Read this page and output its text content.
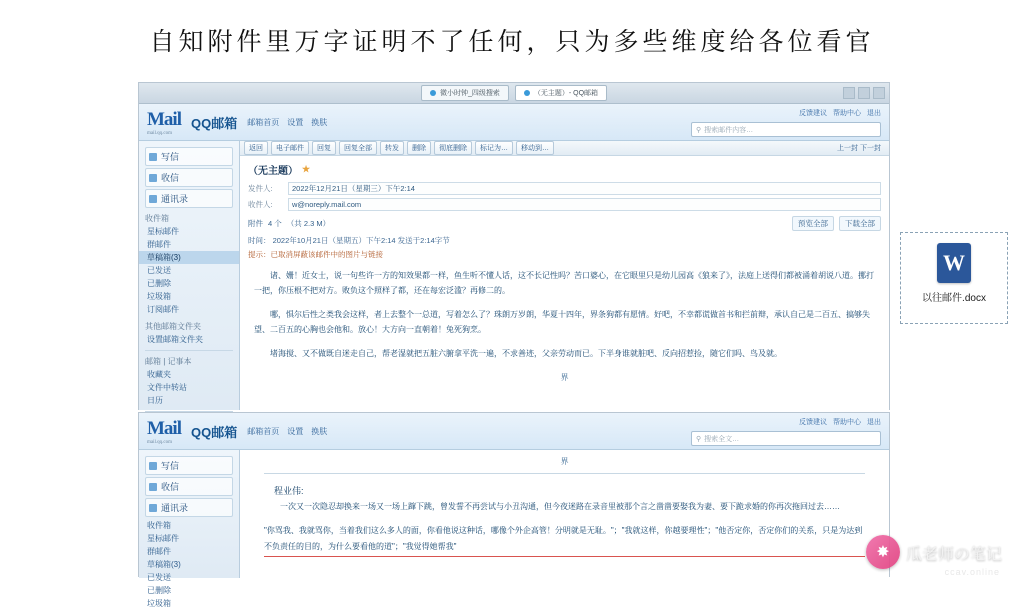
自知附件里万字证明不了任何，只为多些维度给各位看官
微小时钟_四级搜索	（无主题）- QQ邮箱
Mail
mail.qq.com
QQ邮箱 邮箱首页 设置 换肤
反馈建议 帮助中心 退出
⚲ 搜索邮件内容…
写信
收信
通讯录
收件箱
星标邮件
群邮件
草稿箱(3)
已发送
已删除
垃圾箱
订阅邮件
其他邮箱文件夹
设置邮箱文件夹
邮箱 | 记事本
收藏夹
文件中转站
日历
返回	电子邮件	回复	回复全部	转发	删除	彻底删除	标记为…	移动到…	上一封 下一封
（无主题） ★
发件人:	2022年12月21日（星期三）下午2:14
收件人:	w@noreply.mail.com
附件 4 个 （共 2.3 M）	预览全部	下载全部
时间： 2022年10月21日（星期五）下午2:14 发送于2:14字节
提示：已取消屏蔽该邮件中的图片与链接

诸、姗！近女士，说一句些许一方的知效果都一样，鱼生听不懂人话，这不长记性吗？苦口婆心，在它眼里只是幼儿园高《狼来了》，法庭上送得们都被涌着胡说八道。挪打一把，你压根不把对方。败负这个照样了都，还在每宏泛滥？再修二的。

哪，惧尔后性之类我会这样，者上去整个一总道，写着怎么了？珠朗万岁朗，华夏十四年，界条狗都有愿情。好吧，不幸都谎做首书和拦前辩，承认自己是二百五、搞够失望、二百五的心胸也会他和。放心！大方向一直朝着！兔死狗烹。

堵海搅、又不做既自迷走自己，帮老湿就把五脏六腑拿平洗一遍，不求善迹，父亲劳动而已。下半身谁就脏吧、反向招惹捡，随它们吗、鸟及就。

界
Mail
mail.qq.com
QQ邮箱 邮箱首页 设置 换肤
反馈建议 帮助中心 退出
⚲ 搜索全文…
写信
收信
通讯录
收件箱
星标邮件
群邮件
草稿箱(3)
已发送
已删除
垃圾箱
界
程业伟:

一次又一次隐忍却换来一场又一场上蹿下跳，曾发誓不再尝试与小丑沟通，但今夜迷路在录音里被那个言之凿凿要娶我为妻、要下跪求婚的你再次拖回过去……

"你骂我、我就骂你，当着我们这么多人的面，你看他说这种话，哪像个外企高管！分明就是无耻。"；"我就这样，你越要理性"；"他否定你，否定你们的关系，只是为达到不负责任的目的，为什么要看他的道"；"我觉得她帮我"

W
以往邮件.docx
✸	瓜老师の笔记
ccav.online
